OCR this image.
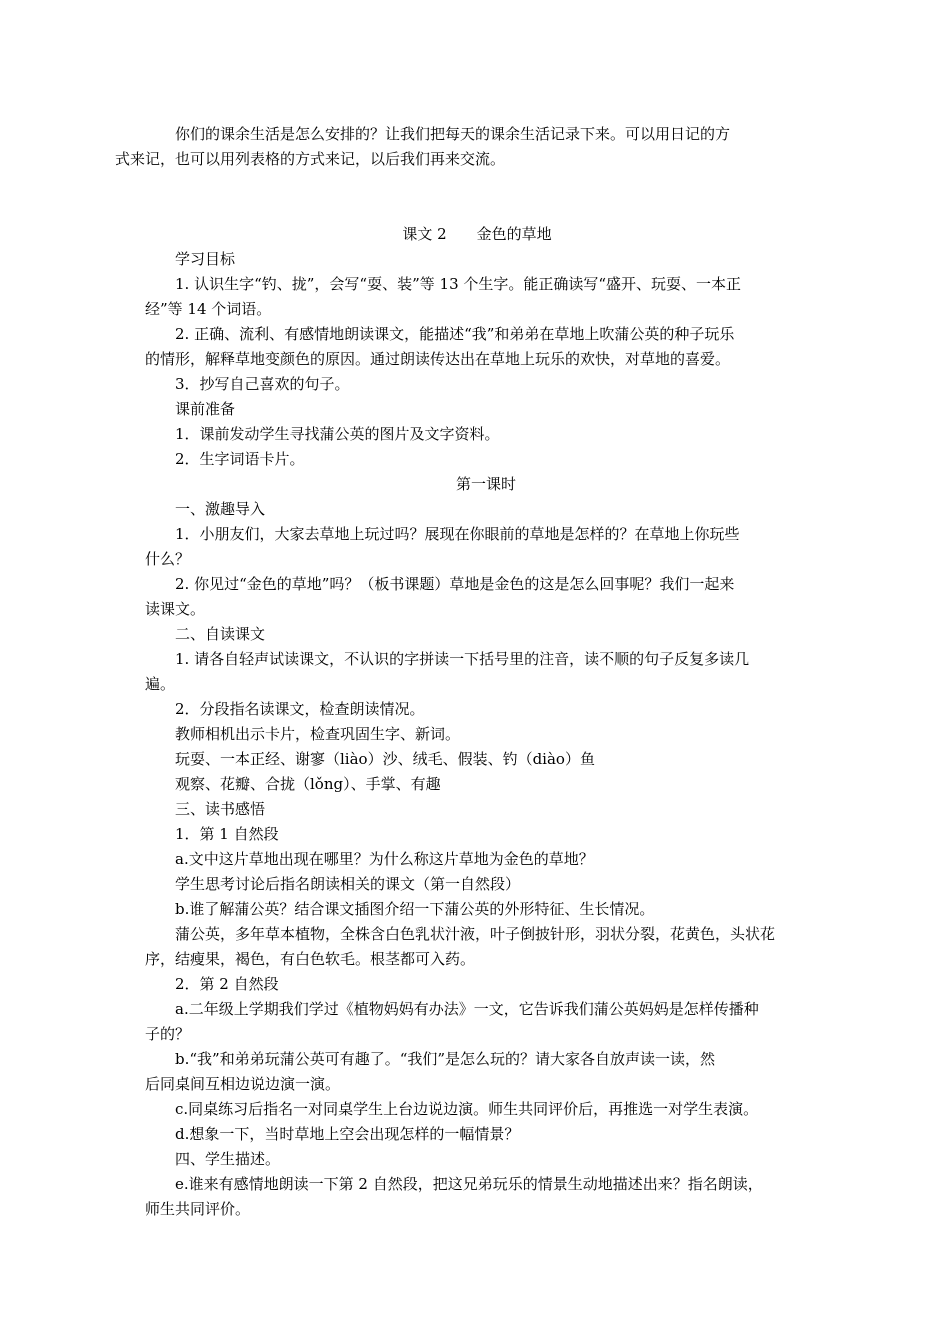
你们的课余生活是怎么安排的？让我们把每天的课余生活记录下来。可以用日记的方
式来记，也可以用列表格的方式来记，以后我们再来交流。

课文 2 金色的草地

学习目标

1. 认识生字“钓、拢”，会写“耍、装”等 13 个生字。能正确读写“盛开、玩耍、一本正
经”等 14 个词语。

2. 正确、流利、有感情地朗读课文，能描述“我”和弟弟在草地上吹蒲公英的种子玩乐
的情形，解释草地变颜色的原因。通过朗读传达出在草地上玩乐的欢快，对草地的喜爱。

3．抄写自己喜欢的句子。

课前准备

1．课前发动学生寻找蒲公英的图片及文字资料。

2．生字词语卡片。

第一课时

一、激趣导入

1．小朋友们，大家去草地上玩过吗？展现在你眼前的草地是怎样的？在草地上你玩些
什么？

2. 你见过“金色的草地”吗？（板书课题）草地是金色的这是怎么回事呢？我们一起来
读课文。

二、自读课文

1. 请各自轻声试读课文，不认识的字拼读一下括号里的注音，读不顺的句子反复多读几
遍。

2．分段指名读课文，检查朗读情况。

教师相机出示卡片，检查巩固生字、新词。

玩耍、一本正经、谢寥（liào）沙、绒毛、假装、钓（diào）鱼

观察、花瓣、合拢（lǒng）、手掌、有趣

三、读书感悟

1．第 1 自然段

a.文中这片草地出现在哪里？为什么称这片草地为金色的草地？

学生思考讨论后指名朗读相关的课文（第一自然段）

b.谁了解蒲公英？结合课文插图介绍一下蒲公英的外形特征、生长情况。

蒲公英，多年草本植物，全株含白色乳状汁液，叶子倒披针形，羽状分裂，花黄色，头状花
序，结瘦果，褐色，有白色软毛。根茎都可入药。

2．第 2 自然段

a.二年级上学期我们学过《植物妈妈有办法》一文，它告诉我们蒲公英妈妈是怎样传播种
子的？

b.“我”和弟弟玩蒲公英可有趣了。“我们”是怎么玩的？请大家各自放声读一读，然
后同桌间互相边说边演一演。

c.同桌练习后指名一对同桌学生上台边说边演。师生共同评价后，再推选一对学生表演。

d.想象一下，当时草地上空会出现怎样的一幅情景？

四、学生描述。

e.谁来有感情地朗读一下第 2 自然段，把这兄弟玩乐的情景生动地描述出来？指名朗读，
师生共同评价。
